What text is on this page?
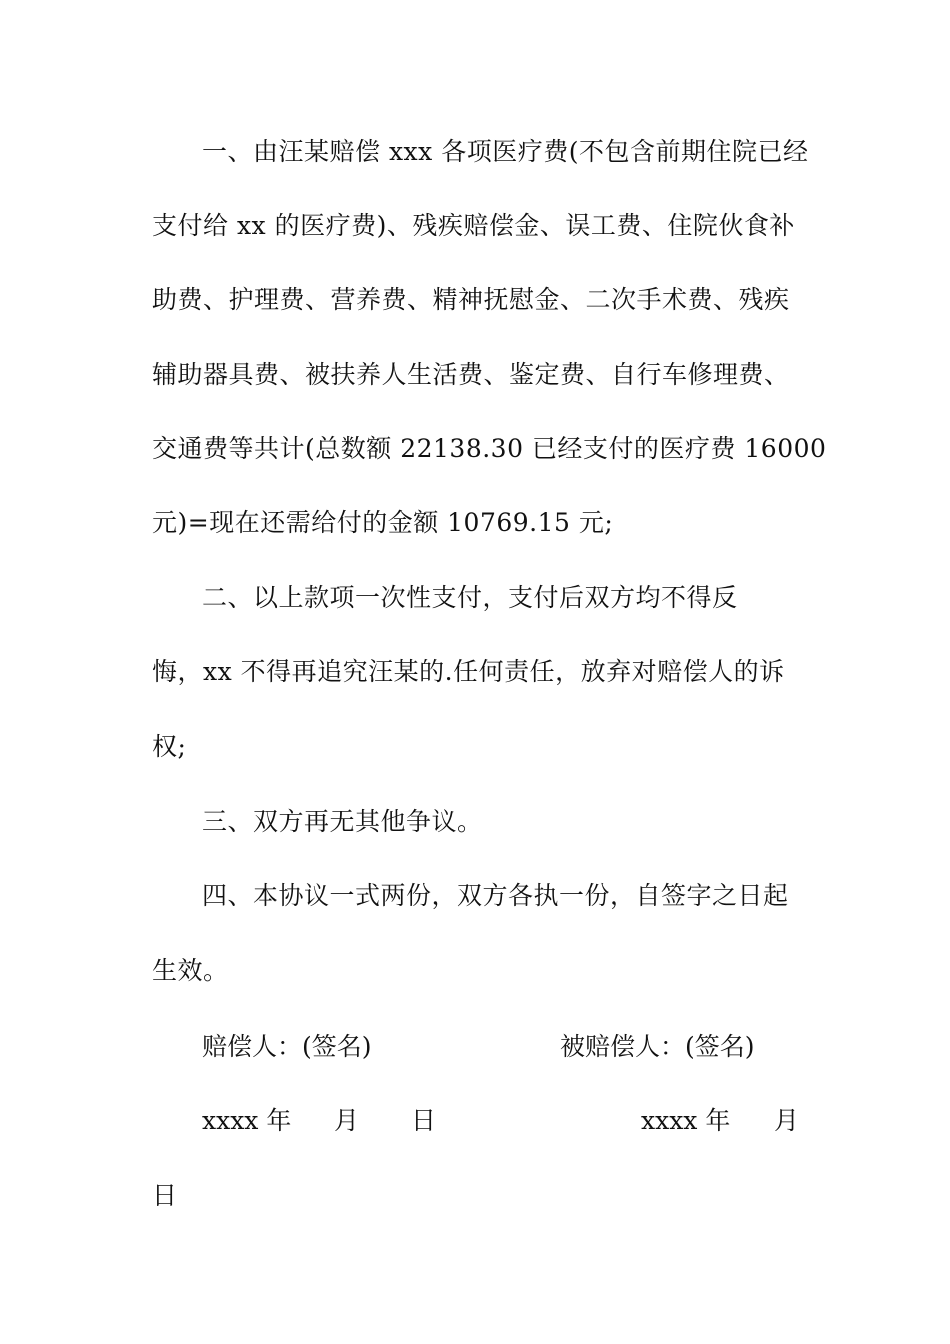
一、由汪某赔偿 xxx 各项医疗费(不包含前期住院已经
支付给 xx 的医疗费)、残疾赔偿金、误工费、住院伙食补
助费、护理费、营养费、精神抚慰金、二次手术费、残疾
辅助器具费、被扶养人生活费、鉴定费、自行车修理费、
交通费等共计(总数额 22138.30 已经支付的医疗费 16000
元)=现在还需给付的金额 10769.15 元;
二、以上款项一次性支付，支付后双方均不得反
悔，xx 不得再追究汪某的.任何责任，放弃对赔偿人的诉
权;
三、双方再无其他争议。
四、本协议一式两份，双方各执一份，自签字之日起
生效。
赔偿人：(签名)	被赔偿人：(签名)
xxxx 年 月 日	xxxx 年 月
日
